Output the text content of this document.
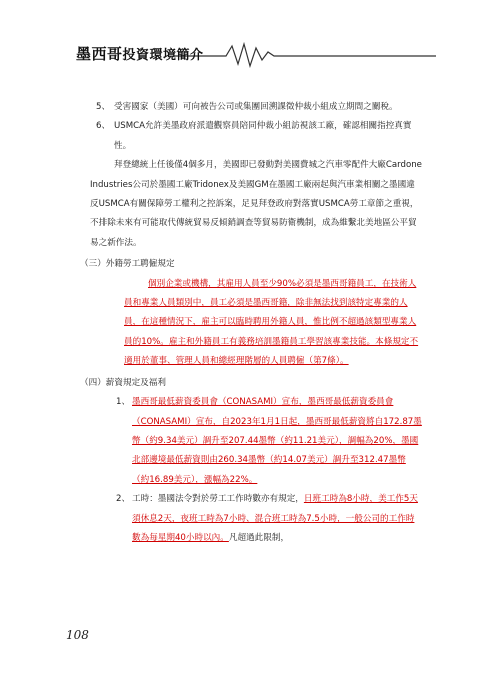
墨西哥投資環境簡介

5、 受害國家（美國）可向被告公司或集團回溯課徵仲裁小組成立期間之關稅。

6、 USMCA允許美墨政府派遣觀察員陪同仲裁小組訪視該工廠，確認相關指控真實性。

拜登總統上任後僅4個多月，美國即已發動對美國費城之汽車零配件大廠Cardone Industries公司於墨國工廠Tridonex及美國GM在墨國工廠兩起與汽車業相關之墨國違反USMCA有關保障勞工權利之控訴案，足見拜登政府對落實USMCA勞工章節之重視，不排除未來有可能取代傳統貿易反傾銷調查等貿易防衛機制，成為維繫北美地區公平貿易之新作法。

（三）外籍勞工聘僱規定

個別企業或機構，其雇用人員至少90%必須是墨西哥籍員工，在技術人員和專業人員類別中，員工必須是墨西哥籍，除非無法找到該特定專業的人員，在這種情況下，雇主可以臨時聘用外籍人員，惟比例不超過該類型專業人員的10%。雇主和外籍員工有義務培訓墨籍員工學習該專業技能。本條規定不適用於董事、管理人員和總經理階層的人員聘僱（第7條）。

（四）薪資規定及福利

1、 墨西哥最低薪資委員會（CONASAMI）宣布，墨西哥最低薪資委員會（CONASAMI）宣布，自2023年1月1日起，墨西哥最低薪資將自172.87墨幣（約9.34美元）調升至207.44墨幣（約11.21美元），調幅為20%，墨國北部邊境最低薪資則由260.34墨幣（約14.07美元）調升至312.47墨幣（約16.89美元），漲幅為22%。

2、 工時：墨國法令對於勞工工作時數亦有規定，日班工時為8小時，美工作5天須休息2天，夜班工時為7小時、混合班工時為7.5小時，一般公司的工作時數為每星期40小時以內。凡超過此限制，

108
